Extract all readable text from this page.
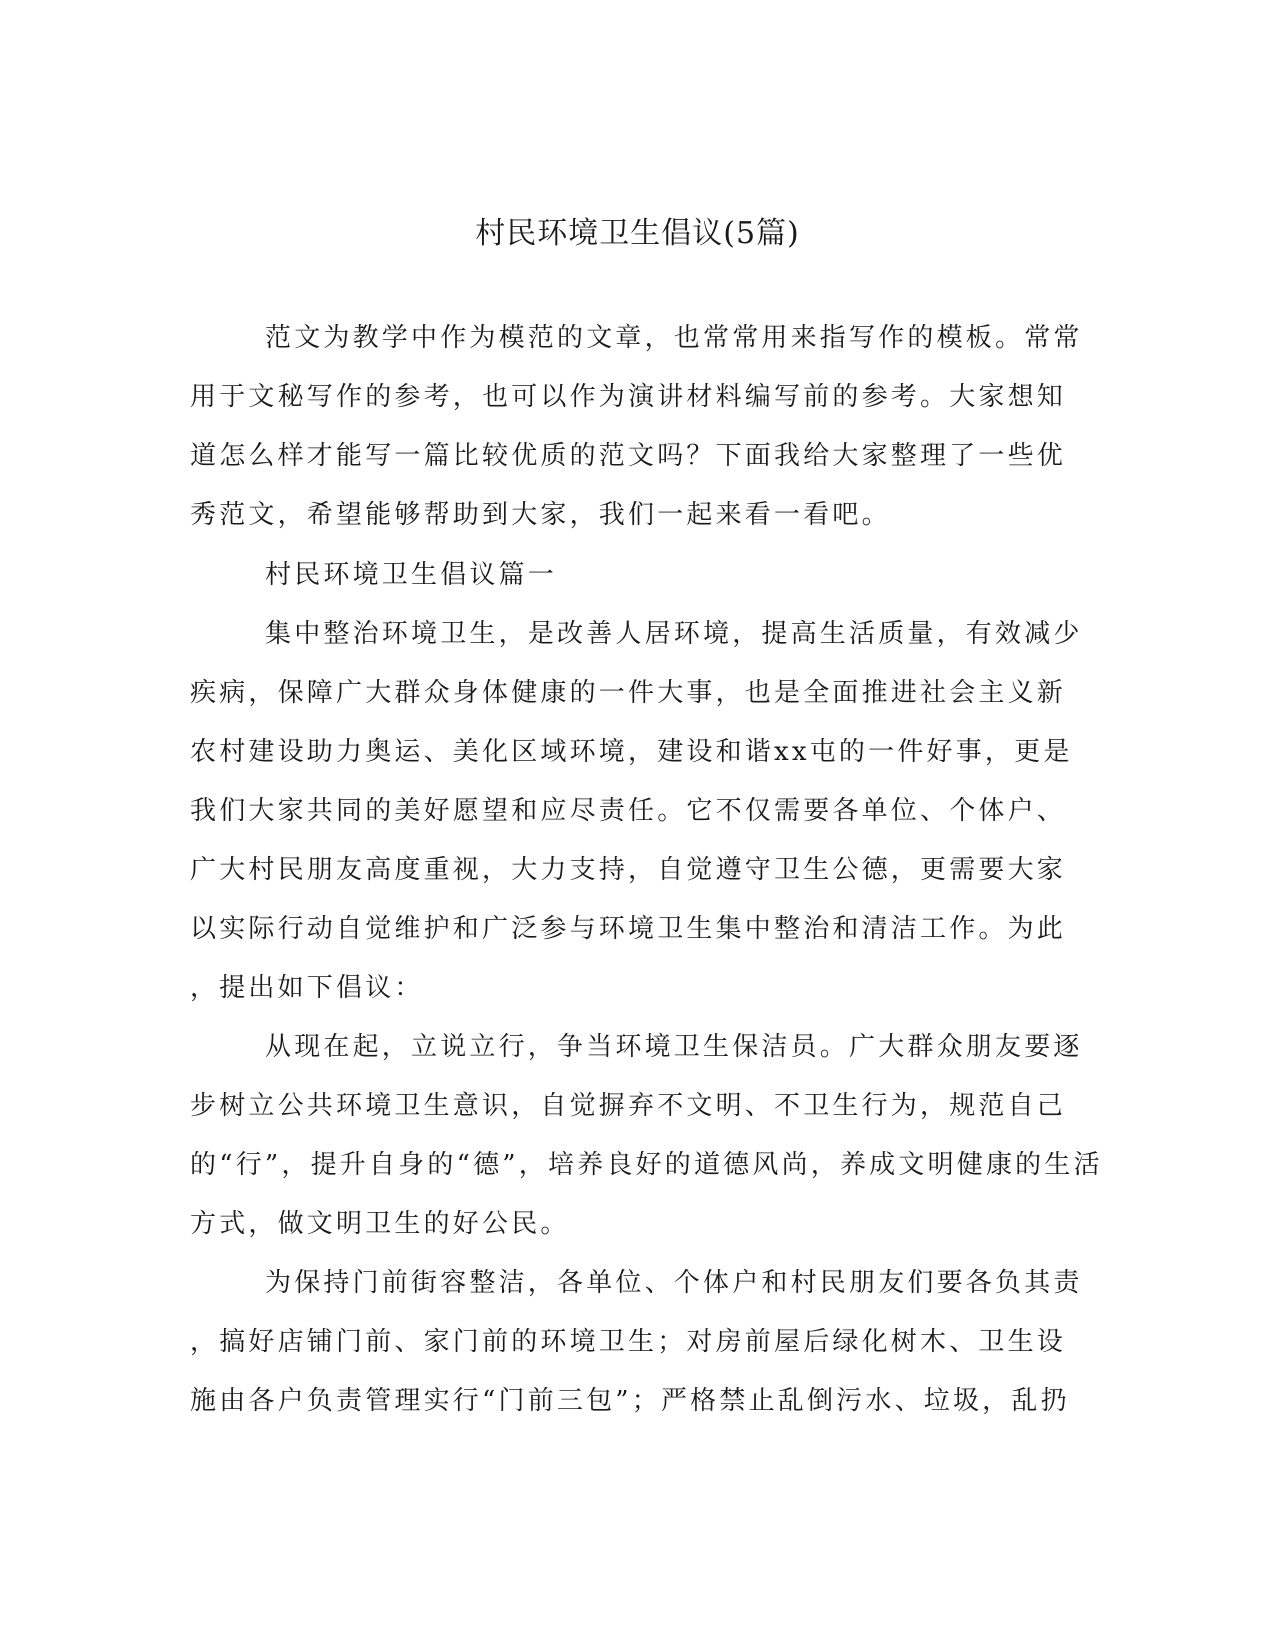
村民环境卫生倡议(5篇)
范文为教学中作为模范的文章，也常常用来指写作的模板。常常
用于文秘写作的参考，也可以作为演讲材料编写前的参考。大家想知
道怎么样才能写一篇比较优质的范文吗？下面我给大家整理了一些优
秀范文，希望能够帮助到大家，我们一起来看一看吧。
村民环境卫生倡议篇一
集中整治环境卫生，是改善人居环境，提高生活质量，有效减少
疾病，保障广大群众身体健康的一件大事，也是全面推进社会主义新
农村建设助力奥运、美化区域环境，建设和谐xx屯的一件好事，更是
我们大家共同的美好愿望和应尽责任。它不仅需要各单位、个体户、
广大村民朋友高度重视，大力支持，自觉遵守卫生公德，更需要大家
以实际行动自觉维护和广泛参与环境卫生集中整治和清洁工作。为此
，提出如下倡议：
从现在起，立说立行，争当环境卫生保洁员。广大群众朋友要逐
步树立公共环境卫生意识，自觉摒弃不文明、不卫生行为，规范自己
的“行”，提升自身的“德”，培养良好的道德风尚，养成文明健康的生活
方式，做文明卫生的好公民。
为保持门前街容整洁，各单位、个体户和村民朋友们要各负其责
，搞好店铺门前、家门前的环境卫生；对房前屋后绿化树木、卫生设
施由各户负责管理实行“门前三包”；严格禁止乱倒污水、垃圾，乱扔
